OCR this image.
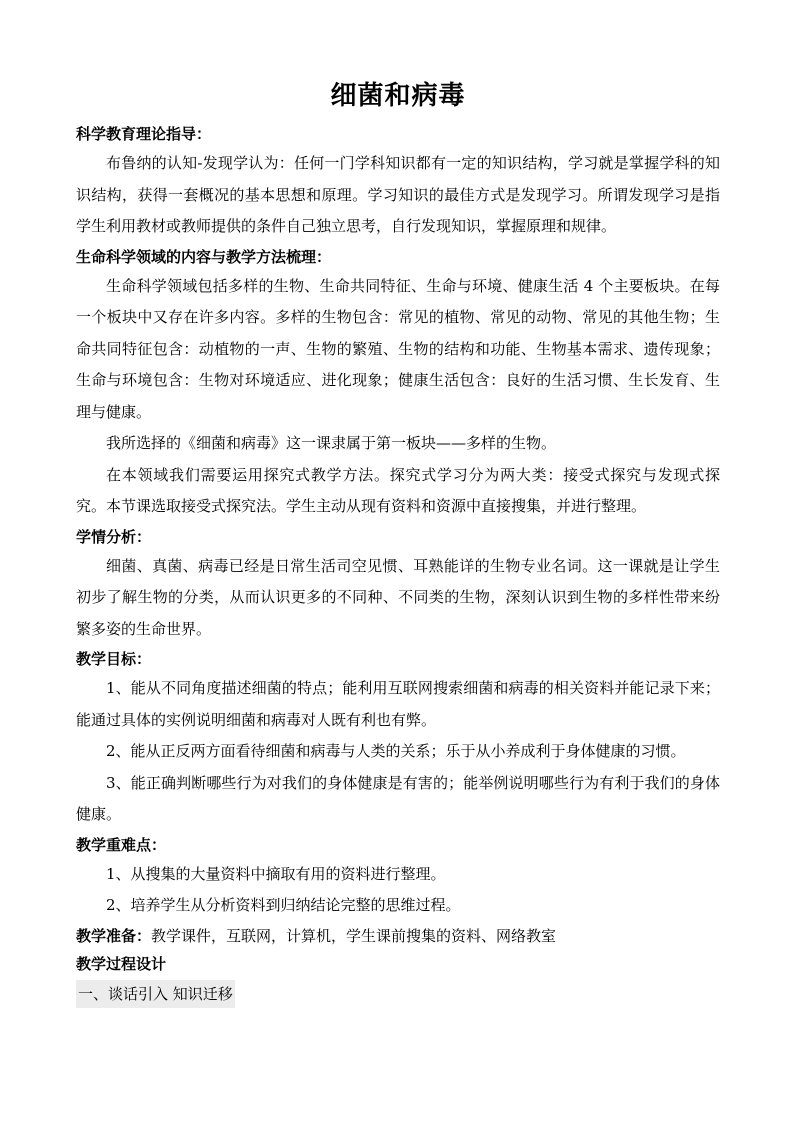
细菌和病毒

科学教育理论指导：

布鲁纳的认知-发现学认为：任何一门学科知识都有一定的知识结构，学习就是掌握学科的知识结构，获得一套概况的基本思想和原理。学习知识的最佳方式是发现学习。所谓发现学习是指学生利用教材或教师提供的条件自己独立思考，自行发现知识，掌握原理和规律。

生命科学领域的内容与教学方法梳理：

生命科学领域包括多样的生物、生命共同特征、生命与环境、健康生活 4 个主要板块。在每一个板块中又存在许多内容。多样的生物包含：常见的植物、常见的动物、常见的其他生物；生命共同特征包含：动植物的一声、生物的繁殖、生物的结构和功能、生物基本需求、遗传现象；生命与环境包含：生物对环境适应、进化现象；健康生活包含：良好的生活习惯、生长发育、生理与健康。

我所选择的《细菌和病毒》这一课隶属于第一板块——多样的生物。

在本领域我们需要运用探究式教学方法。探究式学习分为两大类：接受式探究与发现式探究。本节课选取接受式探究法。学生主动从现有资料和资源中直接搜集，并进行整理。

学情分析：

细菌、真菌、病毒已经是日常生活司空见惯、耳熟能详的生物专业名词。这一课就是让学生初步了解生物的分类，从而认识更多的不同种、不同类的生物，深刻认识到生物的多样性带来纷繁多姿的生命世界。

教学目标：

1、能从不同角度描述细菌的特点；能利用互联网搜索细菌和病毒的相关资料并能记录下来；能通过具体的实例说明细菌和病毒对人既有利也有弊。

2、能从正反两方面看待细菌和病毒与人类的关系；乐于从小养成利于身体健康的习惯。

3、能正确判断哪些行为对我们的身体健康是有害的；能举例说明哪些行为有利于我们的身体健康。

教学重难点：

1、从搜集的大量资料中摘取有用的资料进行整理。

2、培养学生从分析资料到归纳结论完整的思维过程。

教学准备：教学课件，互联网，计算机，学生课前搜集的资料、网络教室

教学过程设计

一、谈话引入 知识迁移
